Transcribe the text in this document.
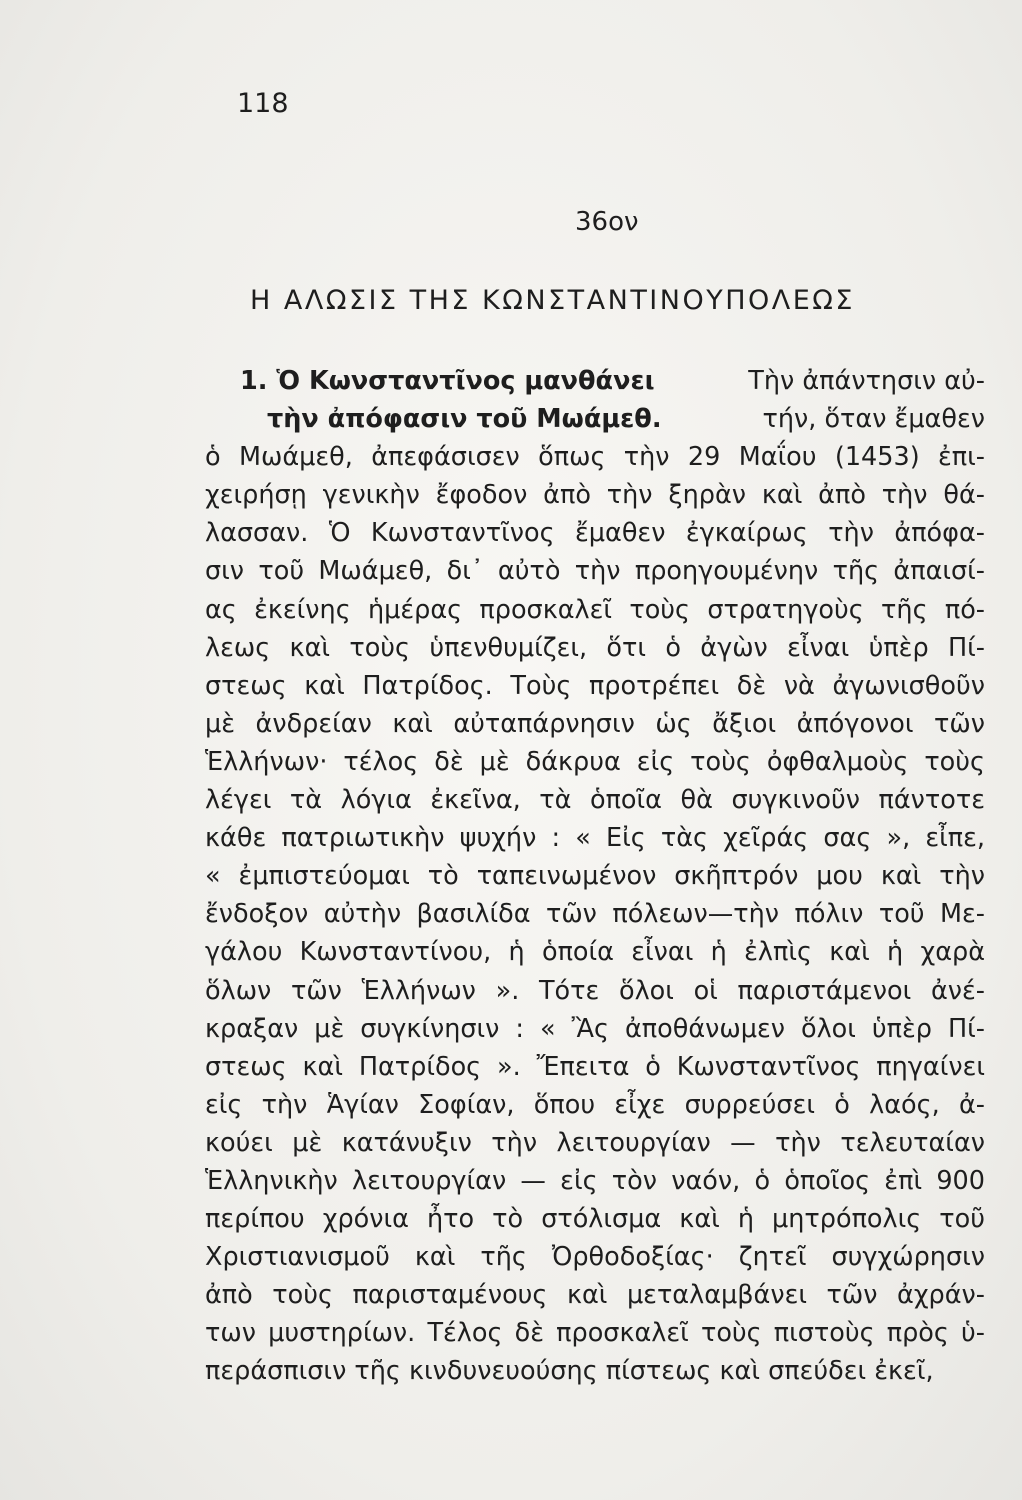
118
36ον
Η ΑΛΩΣΙΣ ΤΗΣ ΚΩΝΣΤΑΝΤΙΝΟΥΠΟΛΕΩΣ
1. Ὁ Κωνσταντῖνος μανθάνει	Τὴν ἀπάντησιν αὐ-
τὴν ἀπόφασιν τοῦ Μωάμεθ.	τήν, ὅταν ἔμαθεν
ὁ Μωάμεθ, ἀπεφάσισεν ὅπως τὴν 29 Μαΐου (1453) ἐπι-
χειρήσῃ γενικὴν ἔφοδον ἀπὸ τὴν ξηρὰν καὶ ἀπὸ τὴν θά-
λασσαν. Ὁ Κωνσταντῖνος ἔμαθεν ἐγκαίρως τὴν ἀπόφα-
σιν τοῦ Μωάμεθ, δι᾽ αὐτὸ τὴν προηγουμένην τῆς ἀπαισί-
ας ἐκείνης ἡμέρας προσκαλεῖ τοὺς στρατηγοὺς τῆς πό-
λεως καὶ τοὺς ὑπενθυμίζει, ὅτι ὁ ἀγὼν εἶναι ὑπὲρ Πί-
στεως καὶ Πατρίδος. Τοὺς προτρέπει δὲ νὰ ἀγωνισθοῦν
μὲ ἀνδρείαν καὶ αὐταπάρνησιν ὡς ἄξιοι ἀπόγονοι τῶν
Ἑλλήνων· τέλος δὲ μὲ δάκρυα εἰς τοὺς ὀφθαλμοὺς τοὺς
λέγει τὰ λόγια ἐκεῖνα, τὰ ὁποῖα θὰ συγκινοῦν πάντοτε
κάθε πατριωτικὴν ψυχήν : « Εἰς τὰς χεῖράς σας », εἶπε,
« ἐμπιστεύομαι τὸ ταπεινωμένον σκῆπτρόν μου καὶ τὴν
ἔνδοξον αὐτὴν βασιλίδα τῶν πόλεων—τὴν πόλιν τοῦ Με-
γάλου Κωνσταντίνου, ἡ ὁποία εἶναι ἡ ἐλπὶς καὶ ἡ χαρὰ
ὅλων τῶν Ἑλλήνων ». Τότε ὅλοι οἱ παριστάμενοι ἀνέ-
κραξαν μὲ συγκίνησιν : « Ἂς ἀποθάνωμεν ὅλοι ὑπὲρ Πί-
στεως καὶ Πατρίδος ». Ἔπειτα ὁ Κωνσταντῖνος πηγαίνει
εἰς τὴν Ἁγίαν Σοφίαν, ὅπου εἶχε συρρεύσει ὁ λαός, ἀ-
κούει μὲ κατάνυξιν τὴν λειτουργίαν — τὴν τελευταίαν
Ἑλληνικὴν λειτουργίαν — εἰς τὸν ναόν, ὁ ὁποῖος ἐπὶ 900
περίπου χρόνια ἦτο τὸ στόλισμα καὶ ἡ μητρόπολις τοῦ
Χριστιανισμοῦ καὶ τῆς Ὀρθοδοξίας· ζητεῖ συγχώρησιν
ἀπὸ τοὺς παρισταμένους καὶ μεταλαμβάνει τῶν ἀχράν-
των μυστηρίων. Τέλος δὲ προσκαλεῖ τοὺς πιστοὺς πρὸς ὑ-
περάσπισιν τῆς κινδυνευούσης πίστεως καὶ σπεύδει ἐκεῖ,
